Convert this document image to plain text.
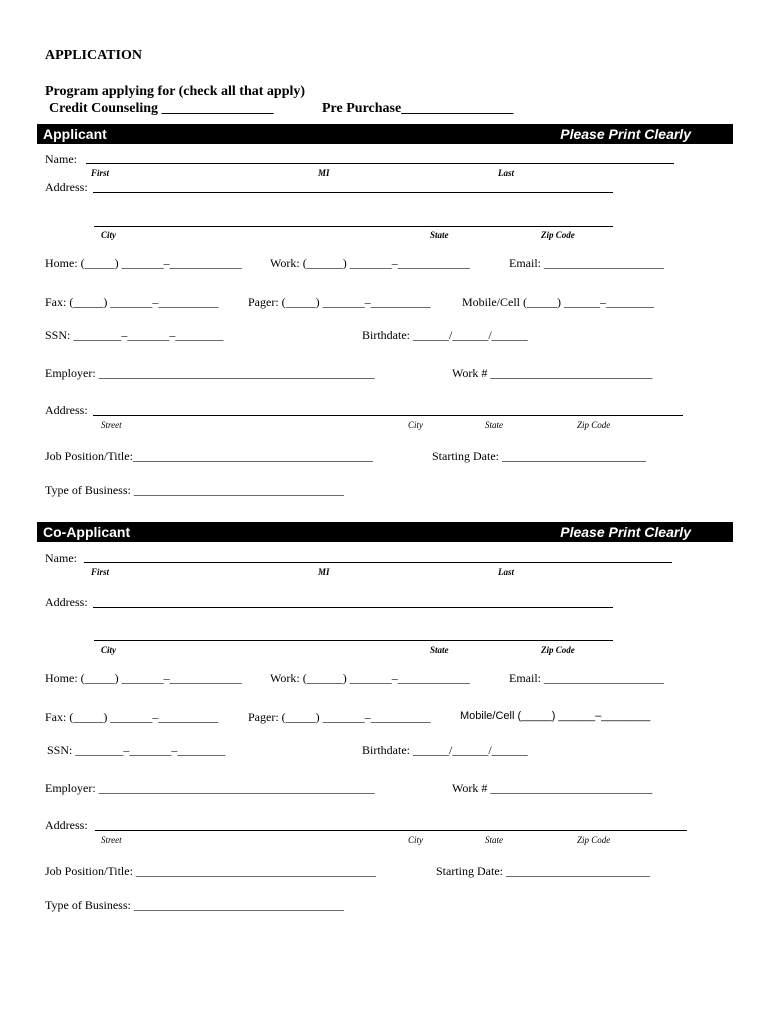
APPLICATION
Program applying for (check all that apply)
Credit Counseling ________________	Pre Purchase________________
Applicant	Please Print Clearly
Name:
First	MI	Last
Address:
City	State	Zip Code
Home: (_____) _______–____________ Work: (______) _______–____________	Email: ____________________
Fax: (_____) _______–__________ Pager: (_____) _______–__________	Mobile/Cell (_____) ______–________
SSN: ________–_______–________	Birthdate: ______/______/______
Employer: ______________________________________________	Work # ___________________________
Address:
Street	City	State	Zip Code
Job Position/Title:________________________________________	Starting Date: ________________________
Type of Business: ___________________________________
Co-Applicant	Please Print Clearly
Name:
First	MI	Last
Address:
City	State	Zip Code
Home: (_____) _______–____________ Work: (______) _______–____________	Email: ____________________
Fax: (_____) _______–__________ Pager: (_____) _______–__________	Mobile/Cell (_____) ______–________
SSN: ________–_______–________	Birthdate: ______/______/______
Employer: ______________________________________________	Work # ___________________________
Address:
Street	City	State	Zip Code
Job Position/Title: ________________________________________	Starting Date: ________________________
Type of Business: ___________________________________
